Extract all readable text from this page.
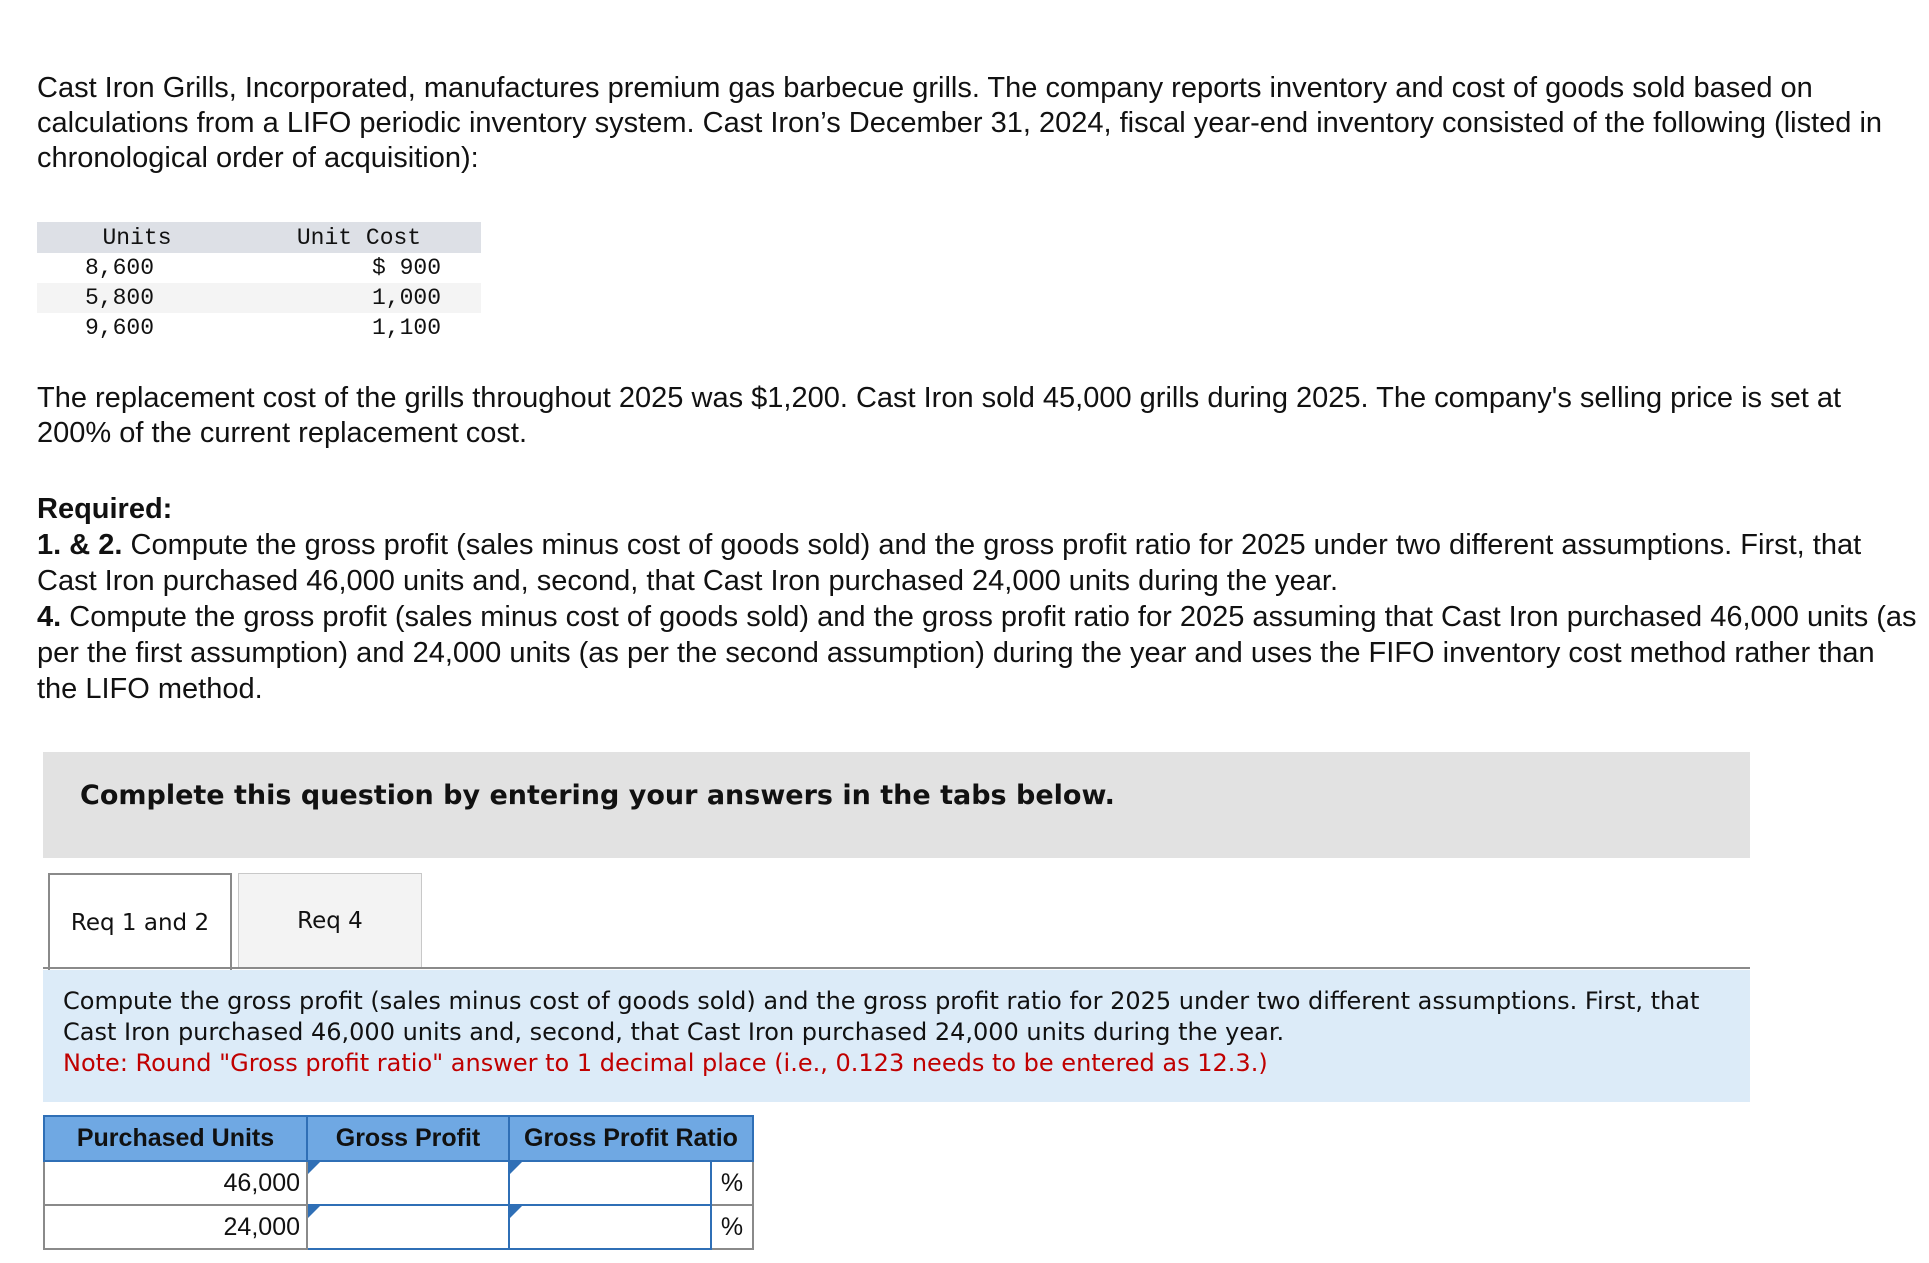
Cast Iron Grills, Incorporated, manufactures premium gas barbecue grills. The company reports inventory and cost of goods sold based on calculations from a LIFO periodic inventory system. Cast Iron’s December 31, 2024, fiscal year-end inventory consisted of the following (listed in chronological order of acquisition):

Units	Unit Cost
8,600	$ 900
5,800	1,000
9,600	1,100

The replacement cost of the grills throughout 2025 was $1,200. Cast Iron sold 45,000 grills during 2025. The company's selling price is set at 200% of the current replacement cost.

Required:
1. & 2. Compute the gross profit (sales minus cost of goods sold) and the gross profit ratio for 2025 under two different assumptions. First, that Cast Iron purchased 46,000 units and, second, that Cast Iron purchased 24,000 units during the year.
4. Compute the gross profit (sales minus cost of goods sold) and the gross profit ratio for 2025 assuming that Cast Iron purchased 46,000 units (as per the first assumption) and 24,000 units (as per the second assumption) during the year and uses the FIFO inventory cost method rather than the LIFO method.
Complete this question by entering your answers in the tabs below.
Req 1 and 2	Req 4
Compute the gross profit (sales minus cost of goods sold) and the gross profit ratio for 2025 under two different assumptions. First, that Cast Iron purchased 46,000 units and, second, that Cast Iron purchased 24,000 units during the year.
Note: Round "Gross profit ratio" answer to 1 decimal place (i.e., 0.123 needs to be entered as 12.3.)
Purchased Units	Gross Profit	Gross Profit Ratio	
46,000			%
24,000			%
